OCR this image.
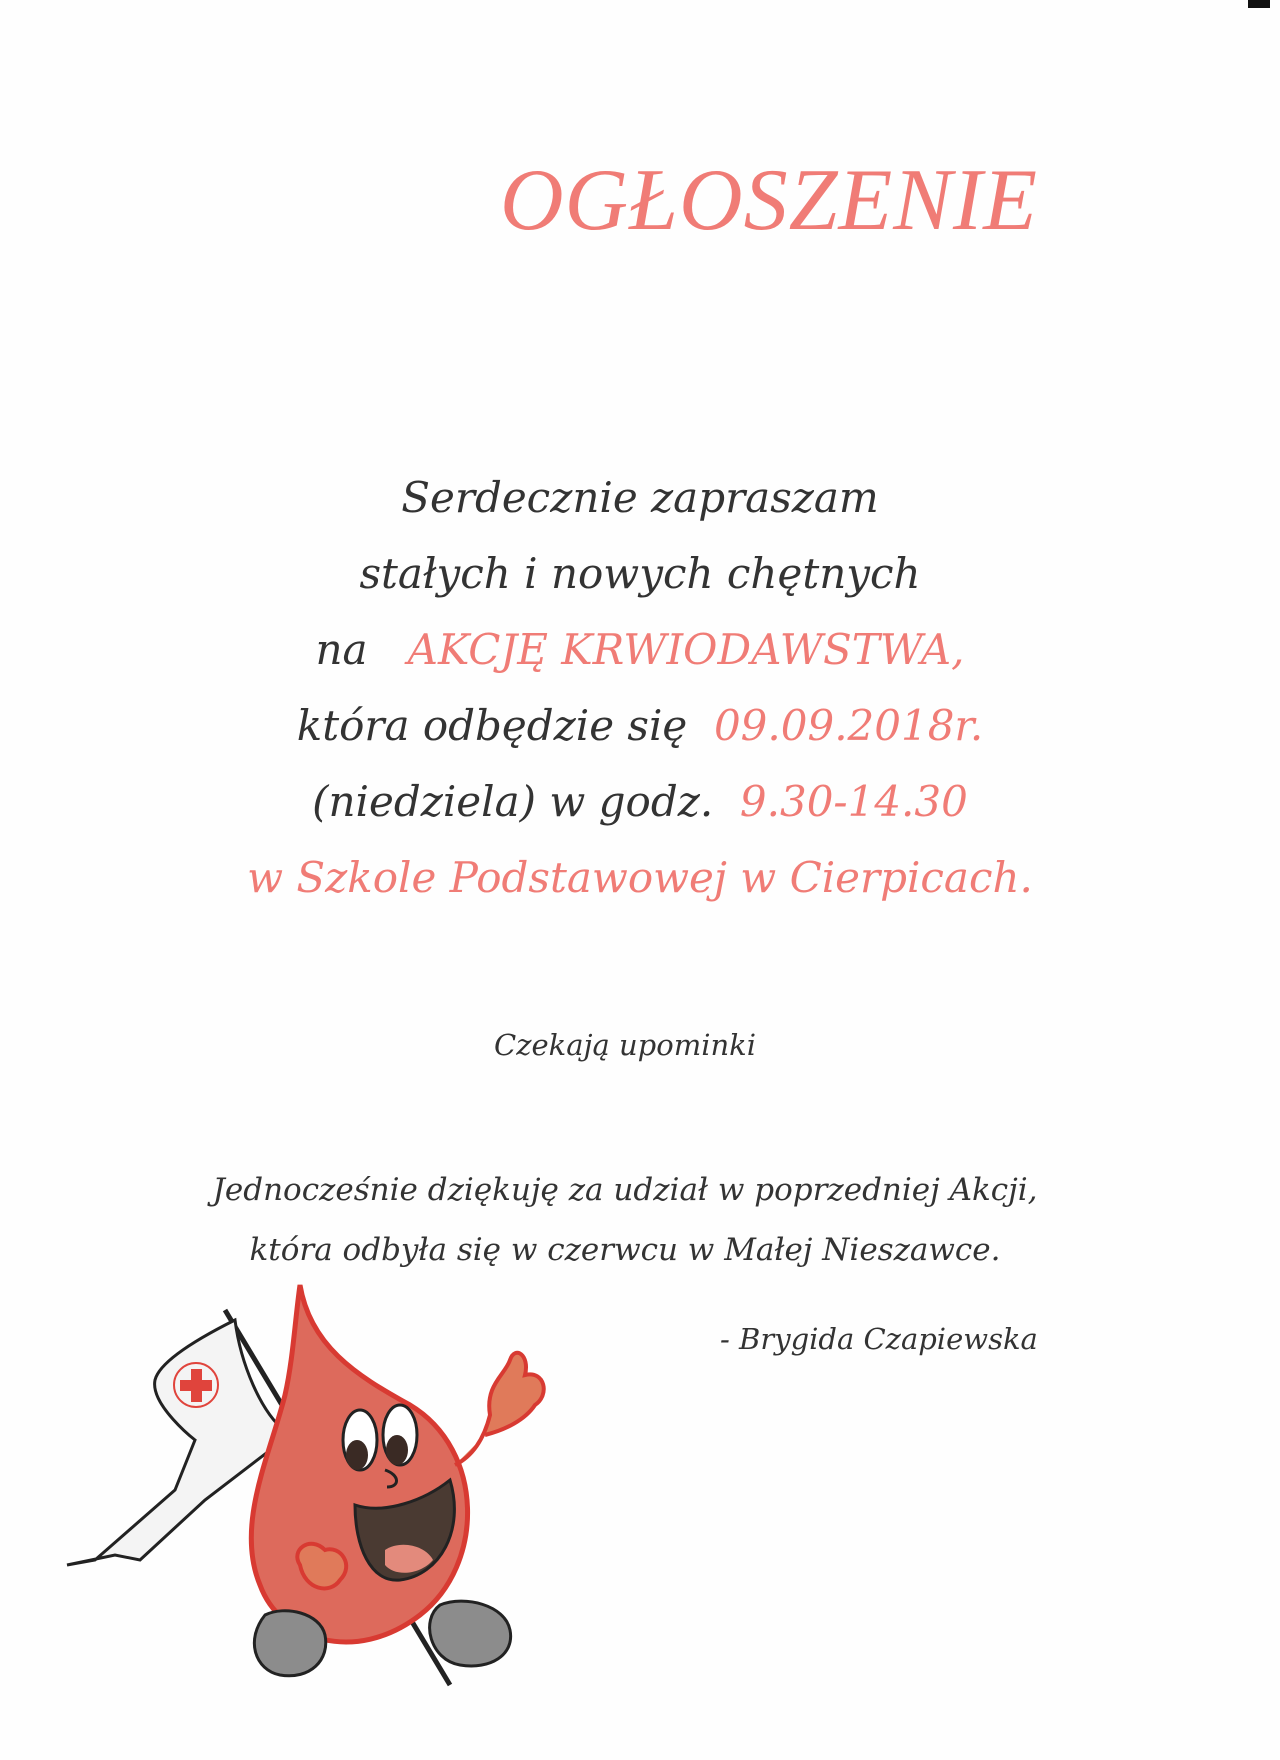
OGŁOSZENIE
Serdecznie zapraszam
stałych i nowych chętnych
na AKCJĘ KRWIODAWSTWA,
która odbędzie się 09.09.2018r.
(niedziela) w godz. 9.30-14.30
w Szkole Podstawowej w Cierpicach.
Czekają upominki
Jednocześnie dziękuję za udział w poprzedniej Akcji,
która odbyła się w czerwcu w Małej Nieszawce.
- Brygida Czapiewska
